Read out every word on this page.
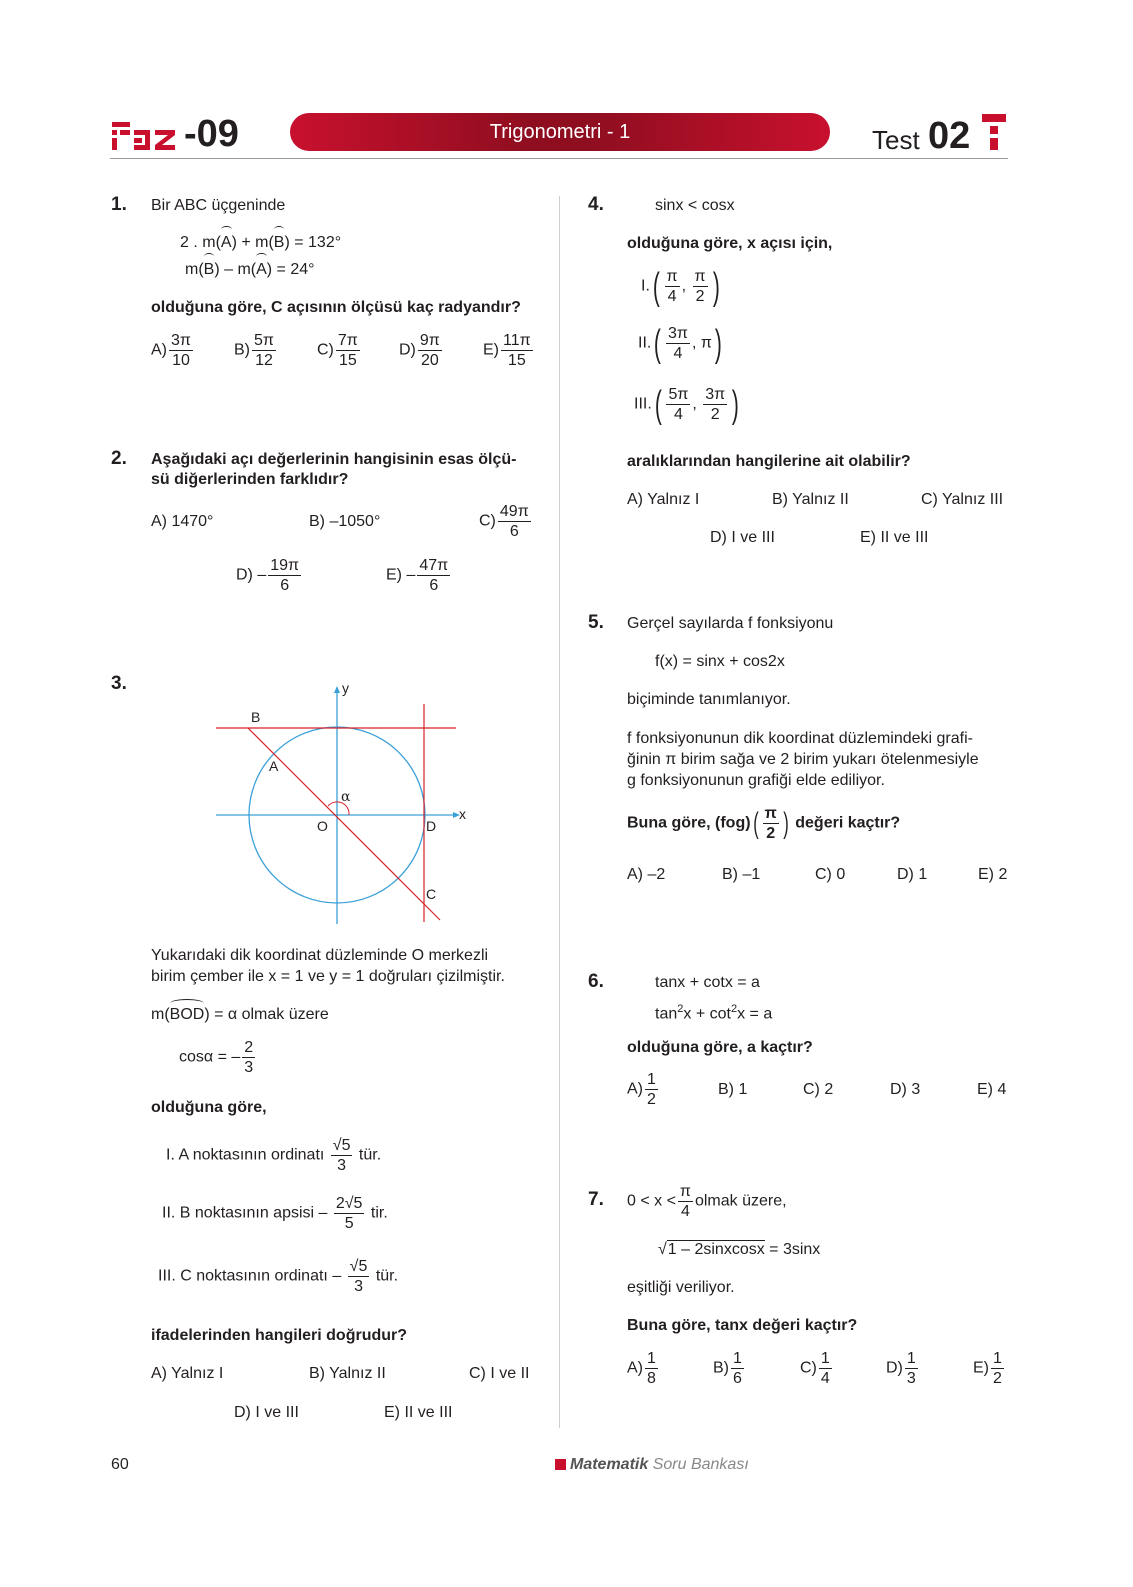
-09	Trigonometri - 1	Test 02
1. Bir ABC üçgeninde
2 . m(A) + m(B) = 132°
m(B) – m(A) = 24°
olduğuna göre, C açısının ölçüsü kaç radyandır?
$A) \frac{3\pi}{10}$	$B) \frac{5\pi}{12}$	$C) \frac{7\pi}{15} D) \frac{9\pi}{20}$	$E) \frac{11\pi}{15}$
2. Aşağıdaki açı değerlerinin hangisinin esas ölçü-
sü diğerlerinden farklıdır?
A) 1470°	B) –1050°	$C) \frac{49\pi}{6}$
$D) - \frac{19\pi}{6}$	$E) - \frac{47\pi}{6}$
3.
B
A
O	D
C
x
y
α
Yukarıdaki dik koordinat düzleminde O merkezli
birim çember ile x = 1 ve y = 1 doğruları çizilmiştir.
m(BOD) = α olmak üzere
cosα = – $\frac{2}{3}$
olduğuna göre,
I. A noktasının ordinatı $\frac{√5}{3}$ tür.
II. B noktasının apsisi – $\frac{2√5}{5}$ tir.
III. C noktasının ordinatı – $\frac{√5}{3}$ tür.
ifadelerinden hangileri doğrudur?
A) Yalnız I	B) Yalnız II	C) I ve II
D) I ve III	E) II ve III
4.	sinx < cosx
olduğuna göre, x açısı için,
$I.( \frac{\pi}{4}$ , $\frac{\pi}{2}$ )
$II.( \frac{3\pi}{4}$ , π)
$III.( \frac{5\pi}{4}$ , $\frac{3\pi}{2}$ )
aralıklarından hangilerine ait olabilir?
A) Yalnız I	B) Yalnız II	C) Yalnız III
D) I ve III	E) II ve III
5. Gerçel sayılarda f fonksiyonu
f(x) = sinx + cos2x
biçiminde tanımlanıyor.
f fonksiyonunun dik koordinat düzlemindeki grafi-
ğinin π birim sağa ve 2 birim yukarı ötelenmesiyle
g fonksiyonunun grafiği elde ediliyor.
Buna göre, $(fog)( \frac{\pi}{2}$ ) değeri kaçtır?
A) –2	B) –1	C) 0	D) 1	E) 2
6.	tanx + cotx = a
$\tan^2x + \cot^2x = a$
olduğuna göre, a kaçtır?
$A) \frac{1}{2}$	B) 1	C) 2	D) 3	E) 4
7. $0 < x < \frac{\pi}{4}$ olmak üzere,
√1 – 2sinxcosx = 3sinx
eşitliği veriliyor.
Buna göre, tanx değeri kaçtır?
$A) \frac{1}{8}$	$B) \frac{1}{6}$	$C) \frac{1}{4}$	$D) \frac{1}{3}$	$E) \frac{1}{2}$
60	Matematik Soru Bankası
